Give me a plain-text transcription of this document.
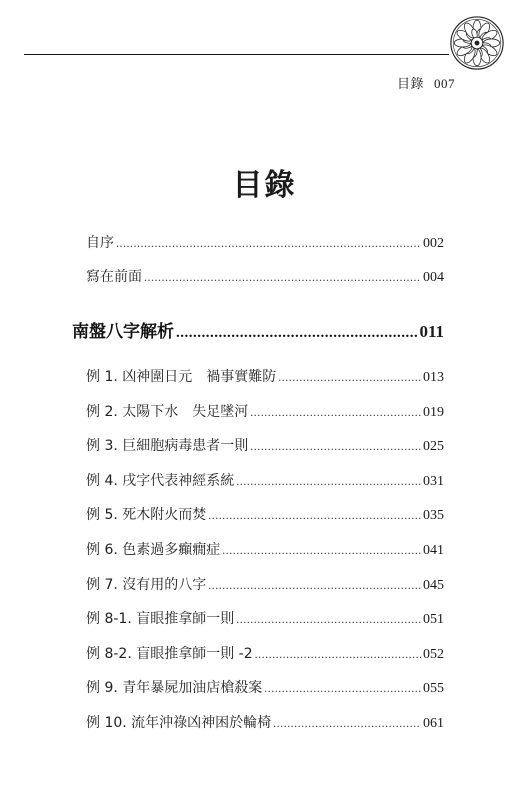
目錄 007
目錄
自序 .....	002
寫在前面 .....	004
南盤八字解析 .....	011
例 1. 凶神圍日元　禍事實難防 .....	013
例 2. 太陽下水　失足墜河 .....	019
例 3. 巨細胞病毒患者一則 .....	025
例 4. 戌字代表神經系統 .....	031
例 5. 死木附火而焚 .....	035
例 6. 色素過多癲癇症 .....	041
例 7. 沒有用的八字 .....	045
例 8-1. 盲眼推拿師一則 .....	051
例 8-2. 盲眼推拿師一則 -2 .....	052
例 9. 青年暴屍加油店槍殺案 .....	055
例 10. 流年沖祿凶神困於輪椅 .....	061
